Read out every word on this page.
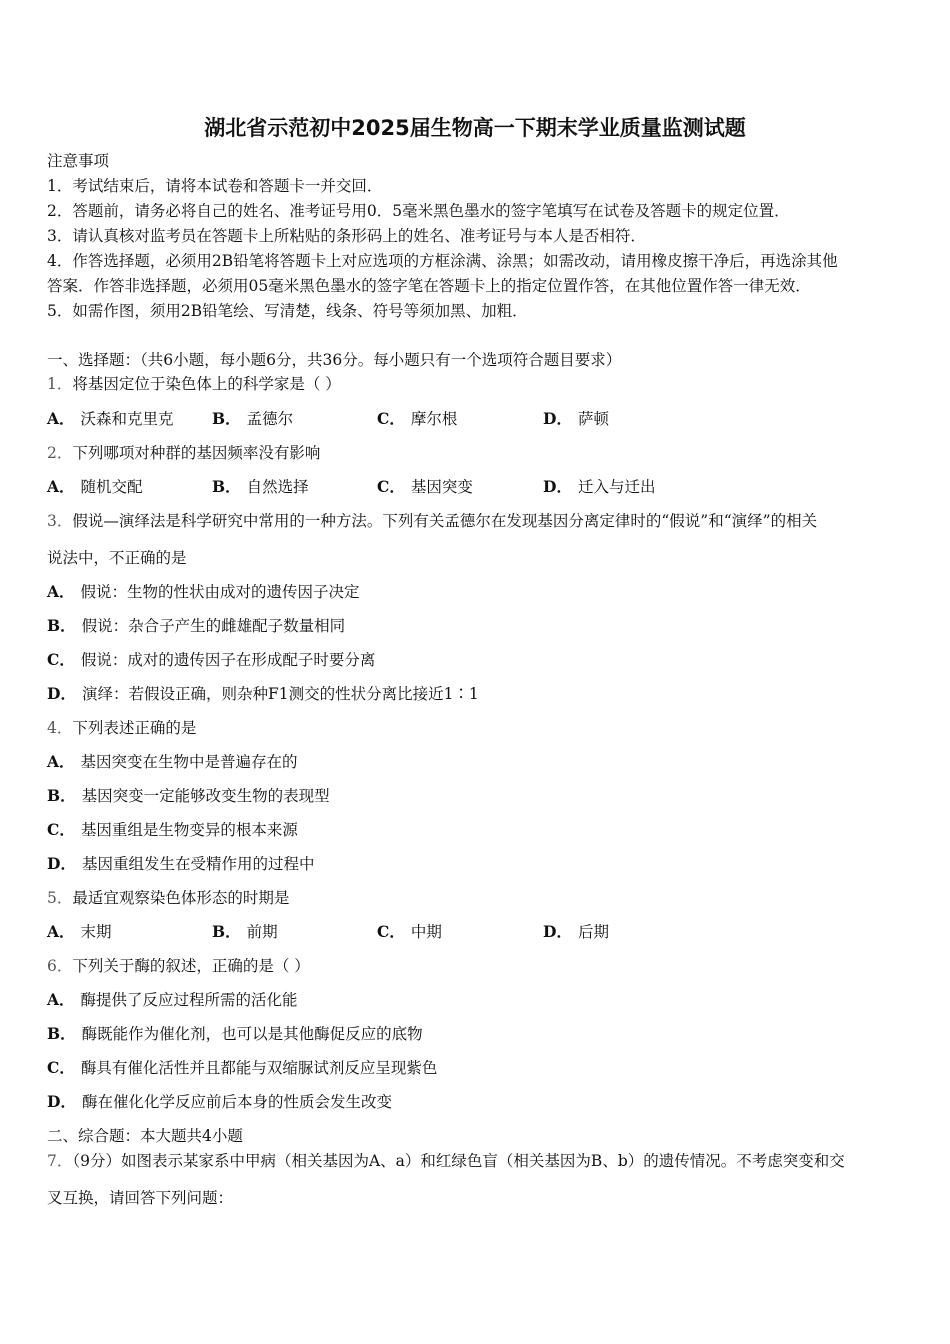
湖北省示范初中2025届生物高一下期末学业质量监测试题
注意事项
1．考试结束后，请将本试卷和答题卡一并交回．
2．答题前，请务必将自己的姓名、准考证号用0．5毫米黑色墨水的签字笔填写在试卷及答题卡的规定位置．
3．请认真核对监考员在答题卡上所粘贴的条形码上的姓名、准考证号与本人是否相符．
4．作答选择题，必须用2B铅笔将答题卡上对应选项的方框涂满、涂黑；如需改动，请用橡皮擦干净后，再选涂其他
答案．作答非选择题，必须用05毫米黑色墨水的签字笔在答题卡上的指定位置作答，在其他位置作答一律无效．
5．如需作图，须用2B铅笔绘、写清楚，线条、符号等须加黑、加粗．
一、选择题：（共6小题，每小题6分，共36分。每小题只有一个选项符合题目要求）
1．将基因定位于染色体上的科学家是（ ）
A． 沃森和克里克 B． 孟德尔	C． 摩尔根	D． 萨顿
2．下列哪项对种群的基因频率没有影响
A． 随机交配	B． 自然选择	C． 基因突变	D． 迁入与迁出
3．假说—演绎法是科学研究中常用的一种方法。下列有关孟德尔在发现基因分离定律时的“假说”和“演绎”的相关
说法中，不正确的是
A． 假说：生物的性状由成对的遗传因子决定
B． 假说：杂合子产生的雌雄配子数量相同
C． 假说：成对的遗传因子在形成配子时要分离
D． 演绎：若假设正确，则杂种F1测交的性状分离比接近1∶1
4．下列表述正确的是
A． 基因突变在生物中是普遍存在的
B． 基因突变一定能够改变生物的表现型
C． 基因重组是生物变异的根本来源
D． 基因重组发生在受精作用的过程中
5．最适宜观察染色体形态的时期是
A． 末期	B． 前期	C． 中期	D． 后期
6．下列关于酶的叙述，正确的是（ ）
A． 酶提供了反应过程所需的活化能
B． 酶既能作为催化剂，也可以是其他酶促反应的底物
C． 酶具有催化活性并且都能与双缩脲试剂反应呈现紫色
D． 酶在催化化学反应前后本身的性质会发生改变
二、综合题：本大题共4小题
7．（9分）如图表示某家系中甲病（相关基因为A、a）和红绿色盲（相关基因为B、b）的遗传情况。不考虑突变和交
叉互换，请回答下列问题：
